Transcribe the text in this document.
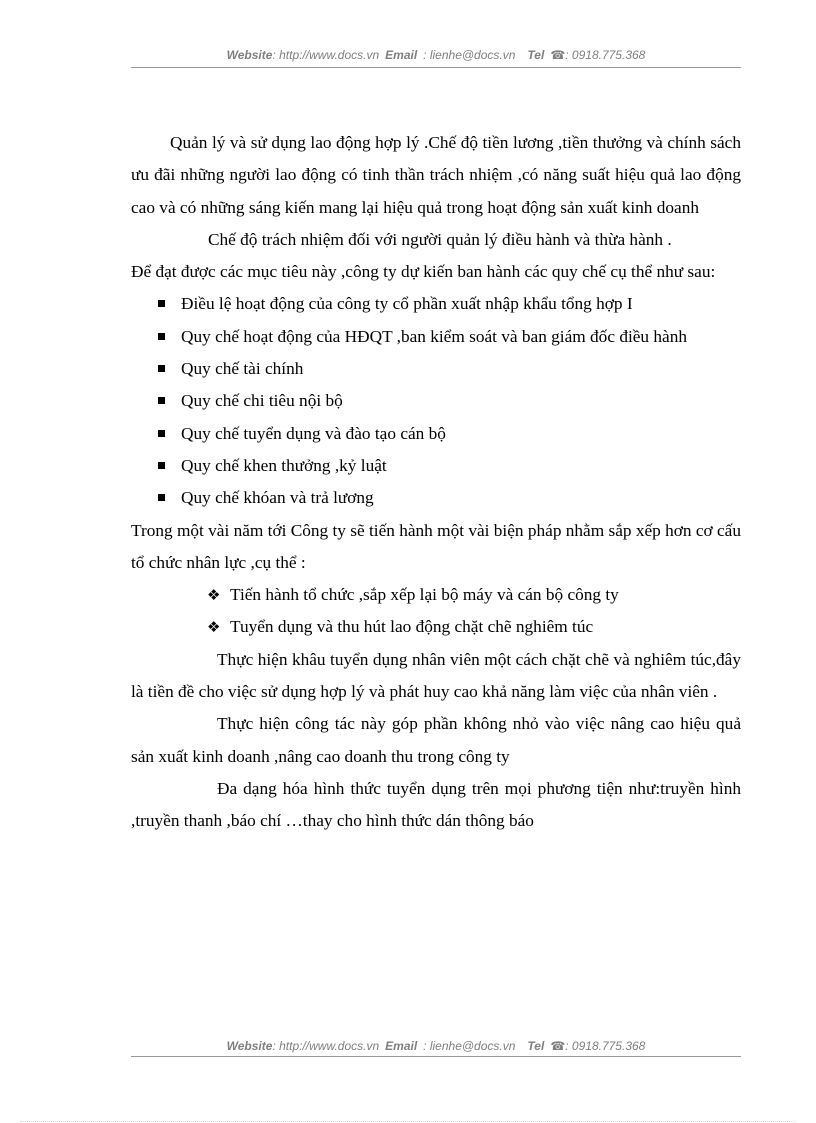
Website: http://www.docs.vn Email : lienhe@docs.vn Tel ☎: 0918.775.368
Quản lý và sử dụng lao động hợp lý .Chế độ tiền lương ,tiền thưởng và chính sách ưu đãi những người lao động có tinh thần trách nhiệm ,có năng suất hiệu quả lao động cao và có những sáng kiến mang lại hiệu quả trong hoạt động sản xuất kinh doanh
Chế độ trách nhiệm đối với người quản lý điều hành và thừa hành .
Để đạt được các mục tiêu này ,công ty dự kiến ban hành các quy chế cụ thể như sau:
Điều lệ hoạt động của công ty cổ phần xuất nhập khẩu tổng hợp I
Quy chế hoạt động của HĐQT ,ban kiểm soát và ban giám đốc điều hành
Quy chế tài chính
Quy chế chi tiêu nội bộ
Quy chế tuyển dụng và đào tạo cán bộ
Quy chế khen thưởng ,kỷ luật
Quy chế khóan và trả lương
Trong một vài năm tới Công ty sẽ tiến hành một vài biện pháp nhằm sắp xếp hơn cơ cấu tổ chức nhân lực ,cụ thể :
❖ Tiến hành tổ chức ,sắp xếp lại bộ máy và cán bộ công ty
❖ Tuyển dụng và thu hút lao động chặt chẽ nghiêm túc
Thực hiện khâu tuyển dụng nhân viên một cách chặt chẽ và nghiêm túc,đây là tiền đề cho việc sử dụng hợp lý và phát huy cao khả năng làm việc của nhân viên .
Thực hiện công tác này góp phần không nhỏ vào việc nâng cao hiệu quả sản xuất kinh doanh ,nâng cao doanh thu trong công ty
Đa dạng hóa hình thức tuyển dụng trên mọi phương tiện như:truyền hình ,truyền thanh ,báo chí …thay cho hình thức dán thông báo
Website: http://www.docs.vn Email : lienhe@docs.vn Tel ☎: 0918.775.368
